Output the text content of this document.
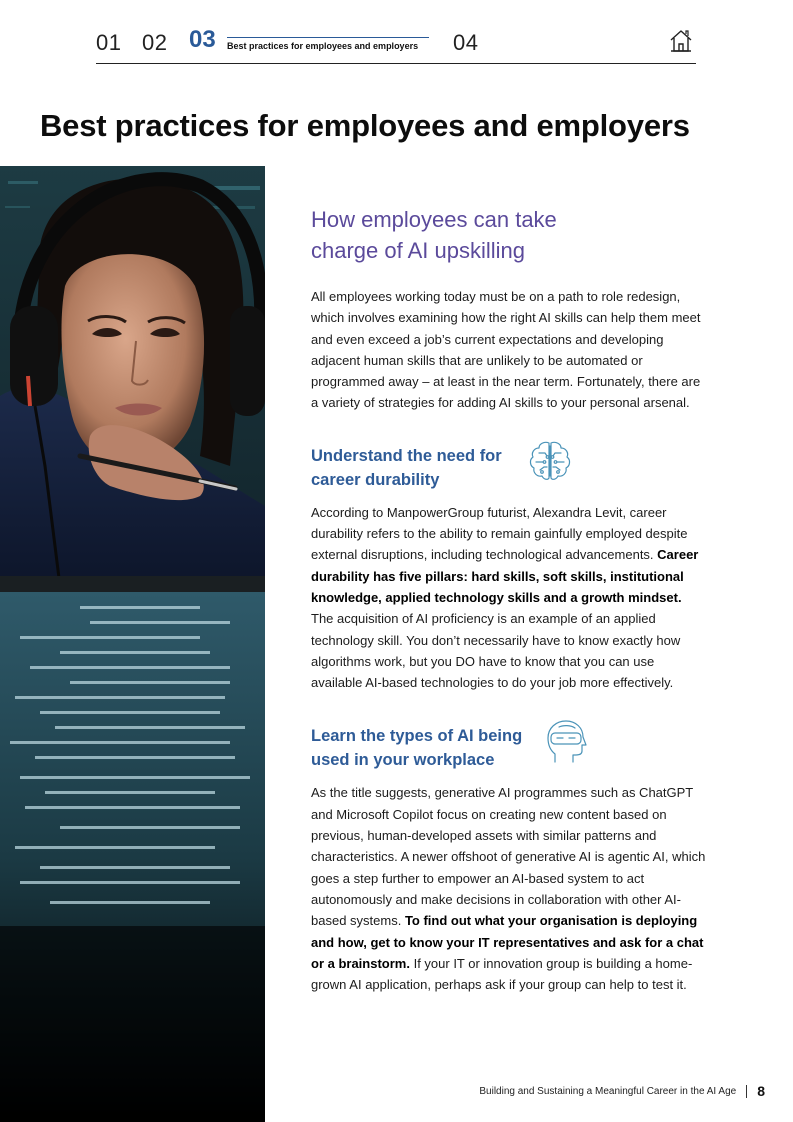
01 02 03 Best practices for employees and employers 04
Best practices for employees and employers
How employees can take
charge of AI upskilling

All employees working today must be on a path to role redesign, which involves examining how the right AI skills can help them meet and even exceed a job’s current expectations and developing adjacent human skills that are unlikely to be automated or programmed away – at least in the near term. Fortunately, there are a variety of strategies for adding AI skills to your personal arsenal.

Understand the need for
career durability

According to ManpowerGroup futurist, Alexandra Levit, career durability refers to the ability to remain gainfully employed despite external disruptions, including technological advancements. Career durability has five pillars: hard skills, soft skills, institutional knowledge, applied technology skills and a growth mindset. The acquisition of AI proficiency is an example of an applied technology skill. You don’t necessarily have to know exactly how algorithms work, but you DO have to know that you can use available AI-based technologies to do your job more effectively.

Learn the types of AI being
used in your workplace

As the title suggests, generative AI programmes such as ChatGPT and Microsoft Copilot focus on creating new content based on previous, human-developed assets with similar patterns and characteristics. A newer offshoot of generative AI is agentic AI, which goes a step further to empower an AI-based system to act autonomously and make decisions in collaboration with other AI-based systems. To find out what your organisation is deploying and how, get to know your IT representatives and ask for a chat or a brainstorm. If your IT or innovation group is building a home-grown AI application, perhaps ask if your group can help to test it.

Building and Sustaining a Meaningful Career in the AI Age 8
